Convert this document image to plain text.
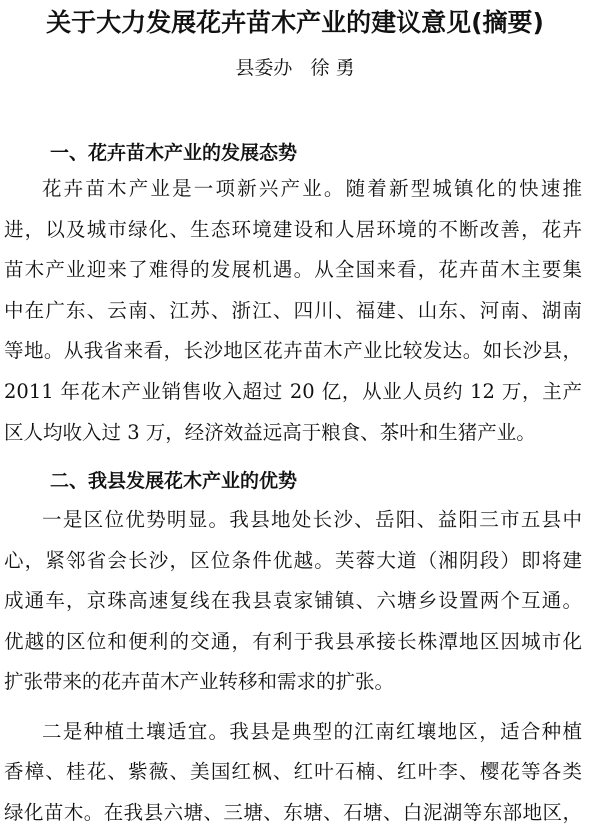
关于大力发展花卉苗木产业的建议意见(摘要)
县委办   徐 勇
一、花卉苗木产业的发展态势
花卉苗木产业是一项新兴产业。随着新型城镇化的快速推
进，以及城市绿化、生态环境建设和人居环境的不断改善，花卉
苗木产业迎来了难得的发展机遇。从全国来看，花卉苗木主要集
中在广东、云南、江苏、浙江、四川、福建、山东、河南、湖南
等地。从我省来看，长沙地区花卉苗木产业比较发达。如长沙县，
2011 年花木产业销售收入超过 20 亿，从业人员约 12 万，主产
区人均收入过 3 万，经济效益远高于粮食、茶叶和生猪产业。
二、我县发展花木产业的优势
一是区位优势明显。我县地处长沙、岳阳、益阳三市五县中
心，紧邻省会长沙，区位条件优越。芙蓉大道（湘阴段）即将建
成通车，京珠高速复线在我县袁家铺镇、六塘乡设置两个互通。
优越的区位和便利的交通，有利于我县承接长株潭地区因城市化
扩张带来的花卉苗木产业转移和需求的扩张。
二是种植土壤适宜。我县是典型的江南红壤地区，适合种植
香樟、桂花、紫薇、美国红枫、红叶石楠、红叶李、樱花等各类
绿化苗木。在我县六塘、三塘、东塘、石塘、白泥湖等东部地区，
